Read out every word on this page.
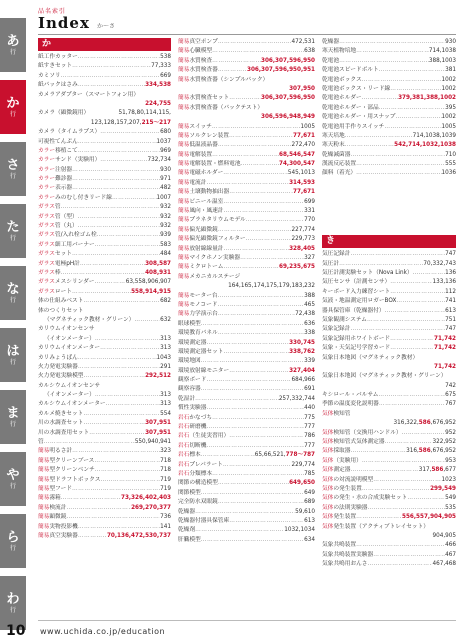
あ
行
か
行
さ
行
た
行
な
行
は
行
ま
行
や
行
ら
行
わ
行
品名索引
Index か〜さ
か
紙工作カッター ……………………………………………………………………………………………………	538
紙すきセット ……………………………………………………………………………………………………	77,333
カミソリ ……………………………………………………………………………………………………	669
紙パックはさみ ……………………………………………………………………………………………………	334,538
カメラアダプター（スマートフォン用）
224,755
カメラ（顕微鏡用）	51,78,80,114,115,
123,128,157,207,215〜217
カメラ（タイムラプス） ……………………………………………………………………………………………………	680
可視性てんぷん ……………………………………………………………………………………………………	1037
カラー移植こて ……………………………………………………………………………………………………	969
カラーサンド（実験用） ……………………………………………………………………………………………………	732,734
カラー注射器 ……………………………………………………………………………………………………	930
カラー難診器 ……………………………………………………………………………………………………	971
カラー表示器 ……………………………………………………………………………………………………	482
カラーみのむし付きリード線 ……………………………………………………………………………………………………	1007
ガラス管 ……………………………………………………………………………………………………	932
ガラス管（型） ……………………………………………………………………………………………………	932
ガラス管（丸） ……………………………………………………………………………………………………	932
ガラス管/入れ栓ゴム栓 ……………………………………………………………………………………………………	939
ガラス細工用バーナー ……………………………………………………………………………………………………	583
ガラスセット ……………………………………………………………………………………………………	484
ガラス電極pH計 ……………………………………………………………………………………………………	308,587
ガラス棒 ……………………………………………………………………………………………………	408,931
ガラスメスシリンダー ……………………………………………………………………………………………………	63,558,906,907
ガラスロート ……………………………………………………………………………………………………	558,914,915
体の仕組みベスト ……………………………………………………………………………………………………	682
体のつくりセット
（マグネティック教材・グリーン） ……………………………………………………………………………………………………	632
カリウムイオンセンサ
（イオンメーター） ……………………………………………………………………………………………………	313
カリウムイオンメーター ……………………………………………………………………………………………………	313
カリみょうばん ……………………………………………………………………………………………………	1043
火力発電実験器 ……………………………………………………………………………………………………	291
火力発電実験模型 ……………………………………………………………………………………………………	292,512
カルシウムイオンセンサ
（イオンメーター） ……………………………………………………………………………………………………	313
カルシウムイオンメーター ……………………………………………………………………………………………………	313
カルメ焼きセット ……………………………………………………………………………………………………	554
川の水調査セット ……………………………………………………………………………………………………	307,951
川の水調査用セット ……………………………………………………………………………………………………	307,951
管 ……………………………………………………………………………………………………	550,940,941
簡易明るさ計 ……………………………………………………………………………………………………	323
簡易型クリーンブース ……………………………………………………………………………………………………	718
簡易型クリーンベンチ ……………………………………………………………………………………………………	718
簡易型ドラフトボックス ……………………………………………………………………………………………………	719
簡易型フード ……………………………………………………………………………………………………	719
簡易霧箱 ……………………………………………………………………………………………………	73,326,402,403
簡易検流計 ……………………………………………………………………………………………………	269,270,377
簡易顕微鏡 ……………………………………………………………………………………………………	736
簡易実物投影機 ……………………………………………………………………………………………………	141
簡易真空実験器 ……………………………………………………………………………………………………	70,136,472,530,737
簡易真空ポンプ ……………………………………………………………………………………………………	472,531
簡易心臓模型 ……………………………………………………………………………………………………	638
簡易水質検査 ……………………………………………………………………………………………………	306,307,596,950
簡易水質検査器 ……………………………………………………………………………………………………	306,307,596,950,951
簡易水質検査器（シンプルパック）
307,950
簡易水質検査セット ……………………………………………………………………………………………………	306,307,596,950
簡易水質検査器（パックテスト）
306,596,948,949
簡易スイッチ ……………………………………………………………………………………………………	1005
簡易ソルクレン装置 ……………………………………………………………………………………………………	77,671
簡易低温液晶器 ……………………………………………………………………………………………………	272,470
簡易電解装置 ……………………………………………………………………………………………………	68,546,547
簡易電解装置・燃料電池 ……………………………………………………………………………………………………	74,300,547
簡易電磁ホルダー ……………………………………………………………………………………………………	545,1013
簡易電流計 ……………………………………………………………………………………………………	314,593
簡易土壌動物抽出器 ……………………………………………………………………………………………………	77,671
簡易ビニール温室 ……………………………………………………………………………………………………	699
簡易風向・風速計 ……………………………………………………………………………………………………	331
簡易プラネタリウムモデル ……………………………………………………………………………………………………	770
簡易偏光顕微鏡 ……………………………………………………………………………………………………	227,774
簡易偏光顕微鏡フィルター ……………………………………………………………………………………………………	229,773
簡易放射線線量計 ……………………………………………………………………………………………………	328,405
簡易マイクホノン実験器 ……………………………………………………………………………………………………	327
簡易ミクロトーム ……………………………………………………………………………………………………	69,235,675
簡易メカニカルステージ
164,165,174,175,179,183,232
簡易モーター台 ……………………………………………………………………………………………………	388
簡易モノコード ……………………………………………………………………………………………………	465
簡易力学演示台 ……………………………………………………………………………………………………	72,438
眼球模型 ……………………………………………………………………………………………………	636
環境教育パネル ……………………………………………………………………………………………………	338
環境測定器 ……………………………………………………………………………………………………	330,745
環境測定器セット ……………………………………………………………………………………………………	338,762
環境地図 ……………………………………………………………………………………………………	339
環境放射線モニター ……………………………………………………………………………………………………	327,404
観察ボード ……………………………………………………………………………………………………	684,966
観察容器 ……………………………………………………………………………………………………	691
乾湿計 ……………………………………………………………………………………………………	257,332,744
慣性実験器 ……………………………………………………………………………………………………	440
岩石かなづち ……………………………………………………………………………………………………	775
岩石研磨機 ……………………………………………………………………………………………………	777
岩石（生徒実習用） ……………………………………………………………………………………………………	786
岩石切断機 ……………………………………………………………………………………………………	777
岩石標本 ……………………………………………………………………………………………………	65,66,521,778〜787
岩石プレパラート ……………………………………………………………………………………………………	229,774
岩石分類標本 ……………………………………………………………………………………………………	785
関節の構造模型 ……………………………………………………………………………………………………	649,650
関節模型 ……………………………………………………………………………………………………	649
完全防水双眼鏡 ……………………………………………………………………………………………………	689
乾燥器 ……………………………………………………………………………………………………	59,610
乾燥器付器具保管庫 ……………………………………………………………………………………………………	613
乾燥剤 ……………………………………………………………………………………………………	1032,1034
肝臓模型 ……………………………………………………………………………………………………	634
乾燥器 ……………………………………………………………………………………………………	930
寒天植物培地 ……………………………………………………………………………………………………	714,1038
乾電池 ……………………………………………………………………………………………………	388,1003
乾電池スピードボルト ……………………………………………………………………………………………………	381
乾電池ボックス ……………………………………………………………………………………………………	1002
乾電池ボックス・リード線 ……………………………………………………………………………………………………	1002
乾電池ホルダー ……………………………………………………………………………………………………	379,381,388,1002
乾電池ホルダー・部品 ……………………………………………………………………………………………………	395
乾電池ホルダー・用スナップ ……………………………………………………………………………………………………	1002
乾電池用手作りスイッチ ……………………………………………………………………………………………………	1005
寒天培地 ……………………………………………………………………………………………………	714,1038,1039
寒天粉末 ……………………………………………………………………………………………………	542,714,1032,1038
乾燥減菌器 ……………………………………………………………………………………………………	710
漢流反応装置 ……………………………………………………………………………………………………	555
顔料（着光） ……………………………………………………………………………………………………	1036
き
気圧記録計 ……………………………………………………………………………………………………	747
気圧計 ……………………………………………………………………………………………………	70,332,743
気圧計測実験セット（Nova Link） ……………………………………………………………………………………………………	136
気圧センサ（計測センサ） ……………………………………………………………………………………………………	133,136
キーボード入力練習シート ……………………………………………………………………………………………………	112
気液・地温測定用ロガーBOX ……………………………………………………………………………………………………	741
器具保管庫（乾燥器付） ……………………………………………………………………………………………………	613
気象観測システム ……………………………………………………………………………………………………	751
気象記録計 ……………………………………………………………………………………………………	747
気象記録用ホワイトボード ……………………………………………………………………………………………………	71,742
気象・天気記号学習カード ……………………………………………………………………………………………………	71,742
気象日本地図（マグネティック教材）
71,742
気象日本地図（マグネティック教材・グリーン）
742
キシロール・バルサム ……………………………………………………………………………………………………	675
季節の温度変化説明器 ……………………………………………………………………………………………………	767
気体検知管
316,322,586,676,952
気体検知管（交換用ハンドル） ……………………………………………………………………………………………………	952
気体検知管式気体測定器 ……………………………………………………………………………………………………	322,952
気体採取器 ……………………………………………………………………………………………………	316,586,676,952
気体（実験用） ……………………………………………………………………………………………………	953
気体測定器 ……………………………………………………………………………………………………	317,586,677
気体の対流説明模型 ……………………………………………………………………………………………………	1023
気体の発生装置 ……………………………………………………………………………………………………	299,549
気体の発生・水の合成実験セット ……………………………………………………………………………………………………	549
気体の法則実験器 ……………………………………………………………………………………………………	535
気体発生装置 ……………………………………………………………………………………………………	556,557,904,905
気体発生装置（アクティブトレイセット）
904,905
気象共鳴装置 ……………………………………………………………………………………………………	466
気象共鳴装置実験器 ……………………………………………………………………………………………………	467
気象共鳴用おんさ ……………………………………………………………………………………………………	467,468
10 www.uchida.co.jp/education
